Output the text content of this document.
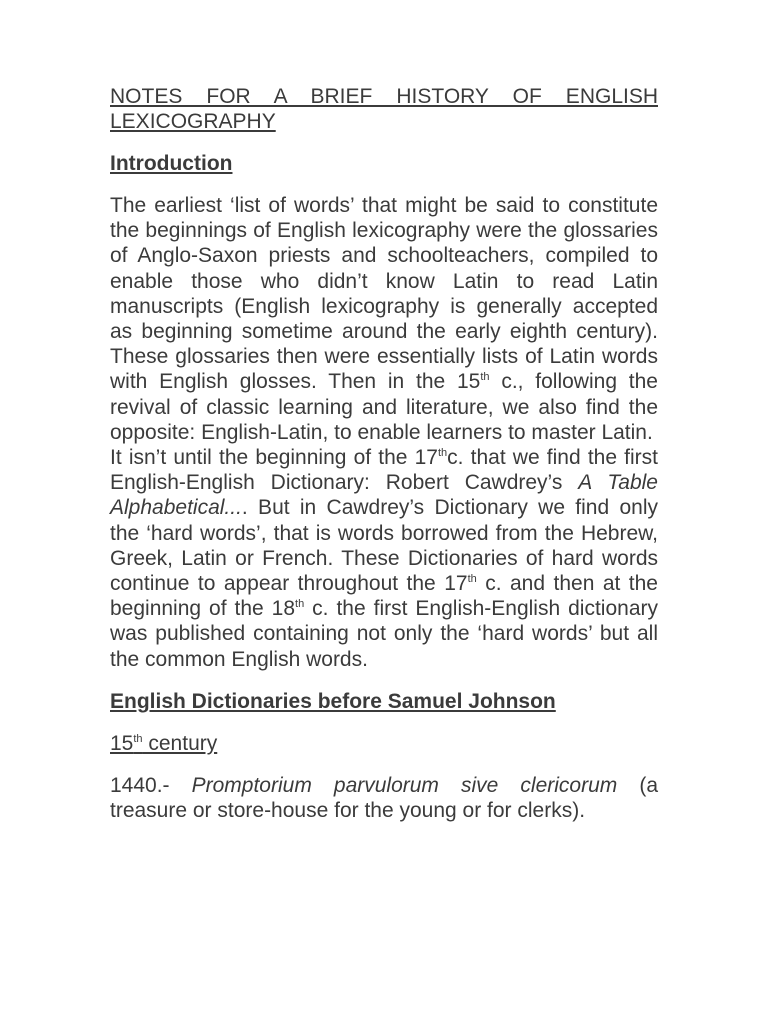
NOTES FOR A BRIEF HISTORY OF ENGLISH LEXICOGRAPHY

Introduction

The earliest ‘list of words’ that might be said to constitute the beginnings of English lexicography were the glossaries of Anglo-Saxon priests and schoolteachers, compiled to enable those who didn’t know Latin to read Latin manuscripts (English lexicography is generally accepted as beginning sometime around the early eighth century). These glossaries then were essentially lists of Latin words with English glosses. Then in the 15th c., following the revival of classic learning and literature, we also find the opposite: English-Latin, to enable learners to master Latin.

It isn’t until the beginning of the 17thc. that we find the first English-English Dictionary: Robert Cawdrey’s A Table Alphabetical.... But in Cawdrey’s Dictionary we find only the ‘hard words’, that is words borrowed from the Hebrew, Greek, Latin or French. These Dictionaries of hard words continue to appear throughout the 17th c. and then at the beginning of the 18th c. the first English-English dictionary was published containing not only the ‘hard words’ but all the common English words.

English Dictionaries before Samuel Johnson

15th century

1440.- Promptorium parvulorum sive clericorum (a treasure or store-house for the young or for clerks).
